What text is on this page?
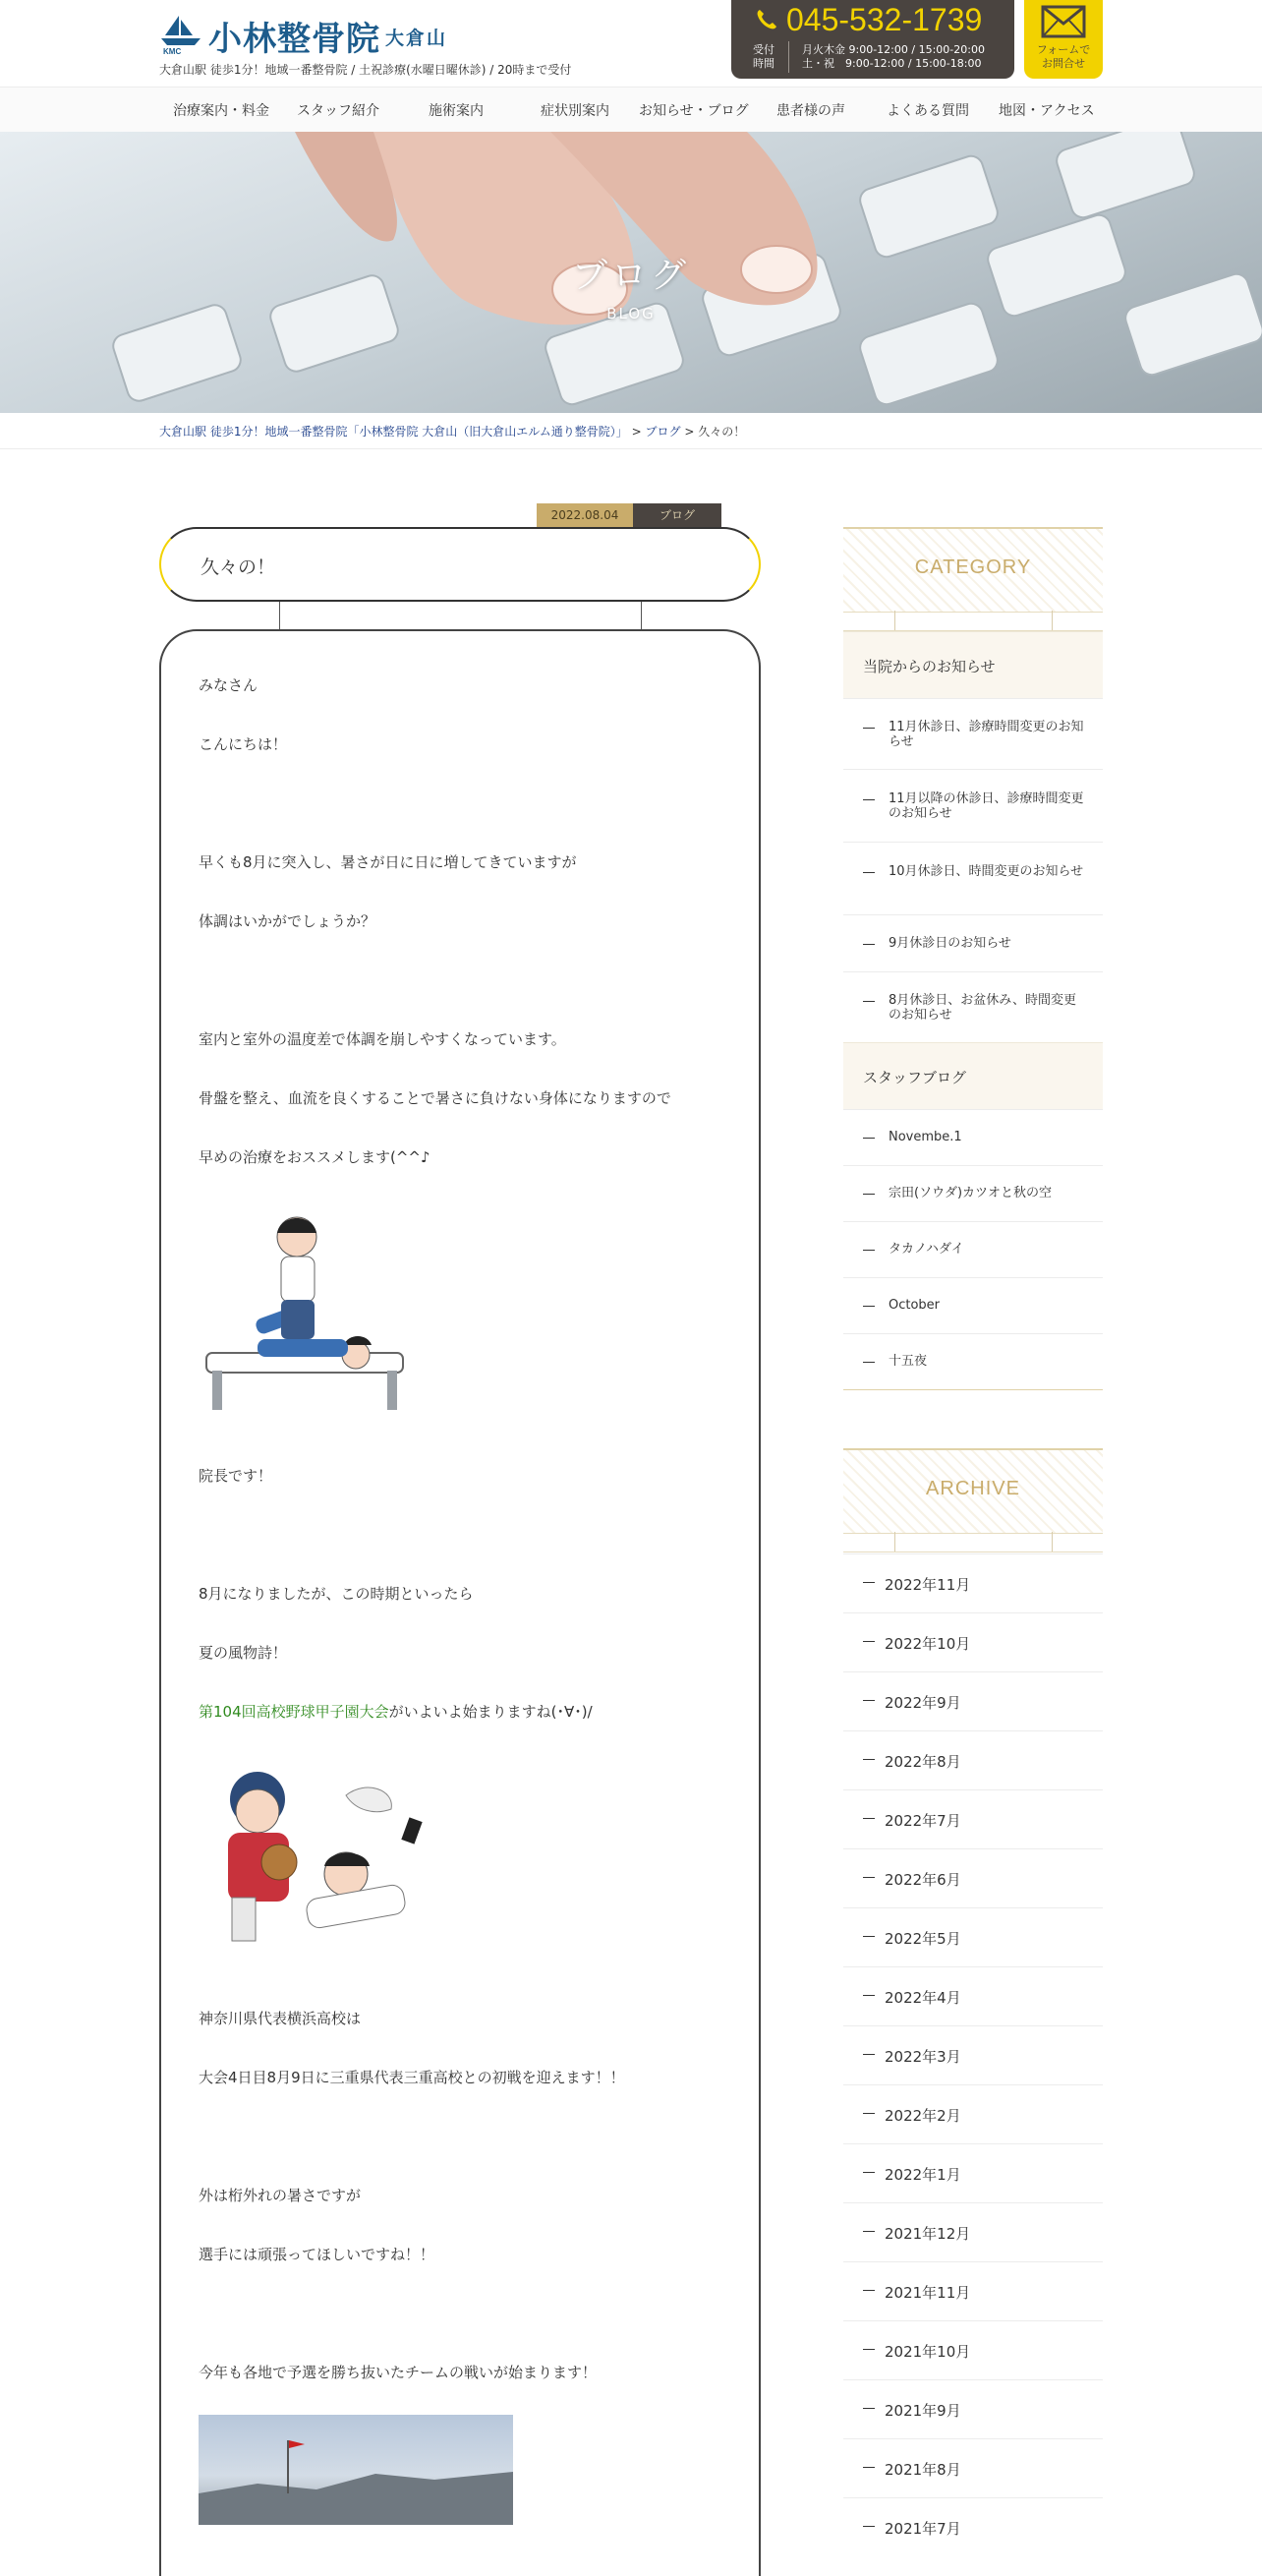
KMC 小林整骨院 大倉山
大倉山駅 徒歩1分！地域一番整骨院 / 土祝診療(水曜日曜休診) / 20時まで受付
045-532-1739
受付
時間
月火木金 9:00-12:00 / 15:00-20:00
土・祝　9:00-12:00 / 15:00-18:00
フォームで
お問合せ
治療案内・料金 スタッフ紹介	施術案内	症状別案内 お知らせ・ブログ 患者様の声	よくある質問 地図・アクセス
ブログ
BLOG
大倉山駅 徒歩1分！地域一番整骨院「小林整骨院 大倉山（旧大倉山エルム通り整骨院）」 > ブログ > 久々の！
2022.08.04	ブログ
久々の！
みなさん
こんにちは！
早くも8月に突入し、暑さが日に日に増してきていますが
体調はいかがでしょうか？
室内と室外の温度差で体調を崩しやすくなっています。
骨盤を整え、血流を良くすることで暑さに負けない身体になりますので
早めの治療をおススメします(^^♪
院長です！
8月になりましたが、この時期といったら
夏の風物詩！
第104回高校野球甲子園大会がいよいよ始まりますね(･∀･)/
神奈川県代表横浜高校は
大会4日目8月9日に三重県代表三重高校との初戦を迎えます！！
外は桁外れの暑さですが
選手には頑張ってほしいですね！！
今年も各地で予選を勝ち抜いたチームの戦いが始まります！
CATEGORY
当院からのお知らせ
11月休診日、診療時間変更のお知らせ
11月以降の休診日、診療時間変更のお知らせ
10月休診日、時間変更のお知らせ
9月休診日のお知らせ
8月休診日、お盆休み、時間変更のお知らせ
スタッフブログ
Novembe.1
宗田(ソウダ)カツオと秋の空
タカノハダイ
October
十五夜
ARCHIVE
2022年11月
2022年10月
2022年9月
2022年8月
2022年7月
2022年6月
2022年5月
2022年4月
2022年3月
2022年2月
2022年1月
2021年12月
2021年11月
2021年10月
2021年9月
2021年8月
2021年7月
